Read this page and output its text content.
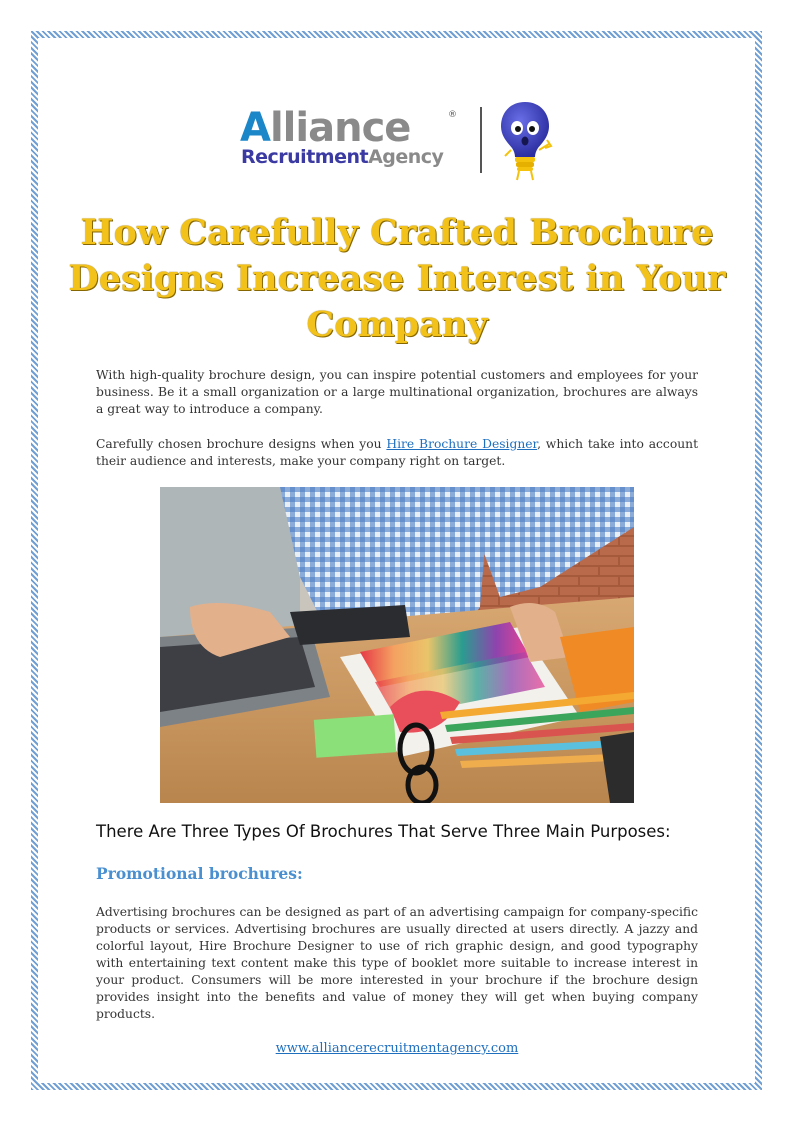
Alliance	®
RecruitmentAgency
How Carefully Crafted Brochure Designs Increase Interest in Your Company

With high-quality brochure design, you can inspire potential customers and employees for your business. Be it a small organization or a large multinational organization, brochures are always a great way to introduce a company.

Carefully chosen brochure designs when you Hire Brochure Designer, which take into account their audience and interests, make your company right on target.

There Are Three Types Of Brochures That Serve Three Main Purposes:
Promotional brochures:

Advertising brochures can be designed as part of an advertising campaign for company-specific products or services. Advertising brochures are usually directed at users directly. A jazzy and colorful layout, Hire Brochure Designer to use of rich graphic design, and good typography with entertaining text content make this type of booklet more suitable to increase interest in your product. Consumers will be more interested in your brochure if the brochure design provides insight into the benefits and value of money they will get when buying company products.

www.alliancerecruitmentagency.com
